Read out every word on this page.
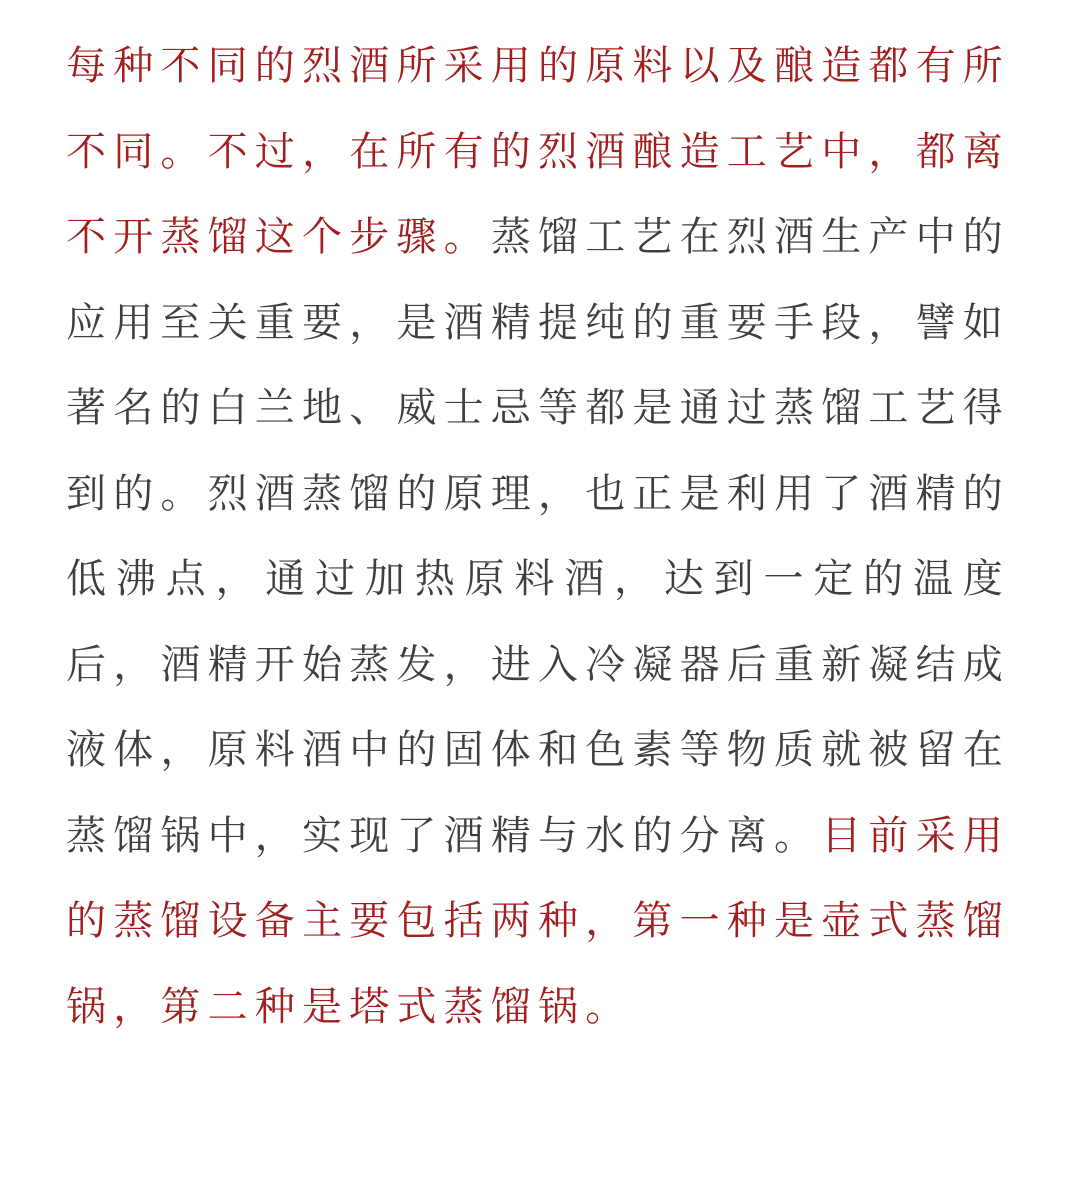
每种不同的烈酒所采用的原料以及酿造都有所不同。不过，在所有的烈酒酿造工艺中，都离不开蒸馏这个步骤。蒸馏工艺在烈酒生产中的应用至关重要，是酒精提纯的重要手段，譬如著名的白兰地、威士忌等都是通过蒸馏工艺得到的。烈酒蒸馏的原理，也正是利用了酒精的低沸点，通过加热原料酒，达到一定的温度后，酒精开始蒸发，进入冷凝器后重新凝结成液体，原料酒中的固体和色素等物质就被留在蒸馏锅中，实现了酒精与水的分离。目前采用的蒸馏设备主要包括两种，第一种是壶式蒸馏锅，第二种是塔式蒸馏锅。
